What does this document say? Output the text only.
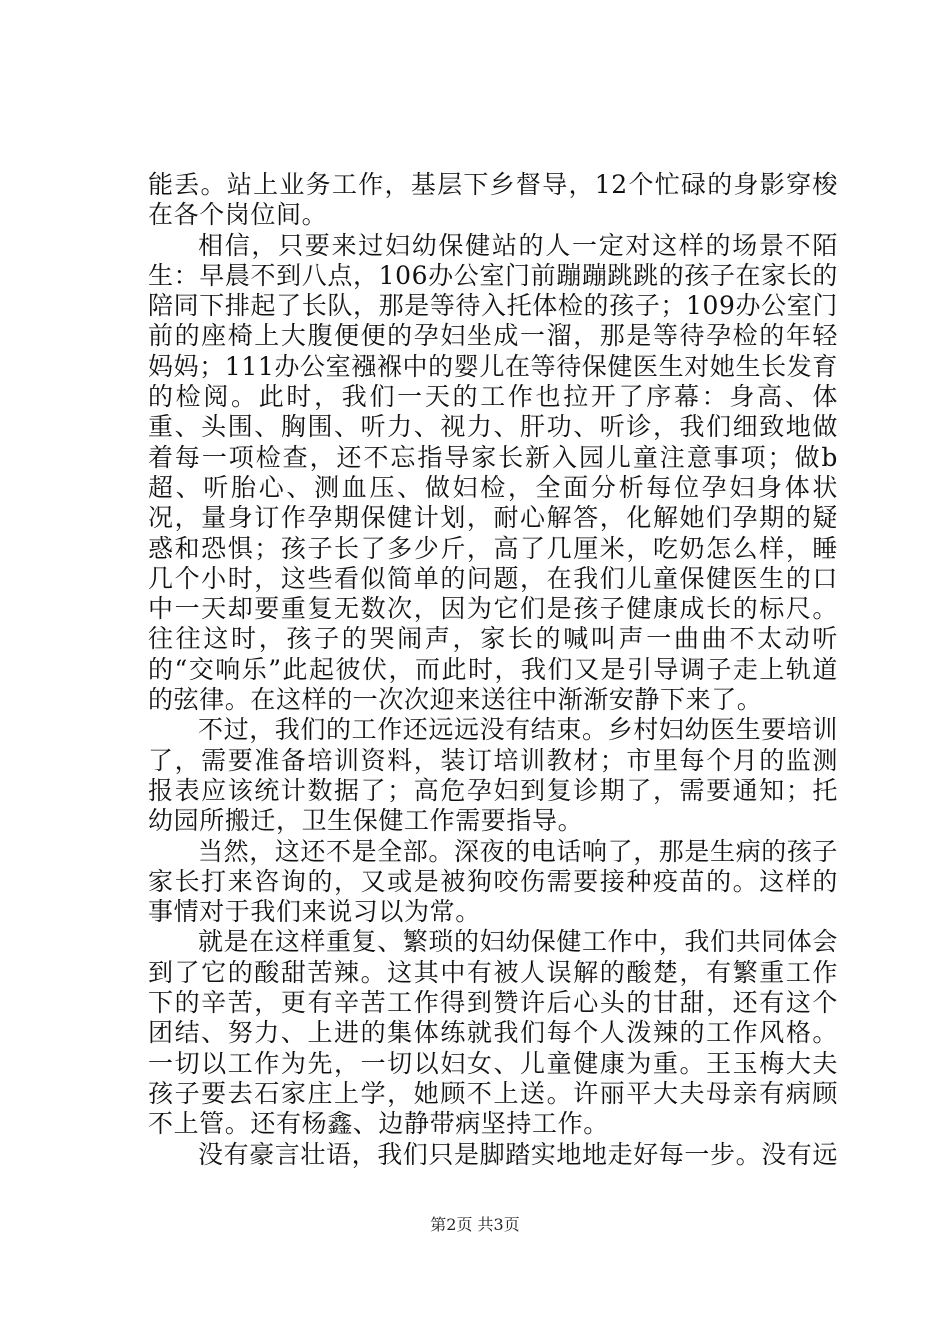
能丢。站上业务工作，基层下乡督导，12个忙碌的身影穿梭在各个岗位间。

相信，只要来过妇幼保健站的人一定对这样的场景不陌生：早晨不到八点，106办公室门前蹦蹦跳跳的孩子在家长的陪同下排起了长队，那是等待入托体检的孩子；109办公室门前的座椅上大腹便便的孕妇坐成一溜，那是等待孕检的年轻妈妈；111办公室襁褓中的婴儿在等待保健医生对她生长发育的检阅。此时，我们一天的工作也拉开了序幕：身高、体重、头围、胸围、听力、视力、肝功、听诊，我们细致地做着每一项检查，还不忘指导家长新入园儿童注意事项；做b超、听胎心、测血压、做妇检，全面分析每位孕妇身体状况，量身订作孕期保健计划，耐心解答，化解她们孕期的疑惑和恐惧；孩子长了多少斤，高了几厘米，吃奶怎么样，睡几个小时，这些看似简单的问题，在我们儿童保健医生的口中一天却要重复无数次，因为它们是孩子健康成长的标尺。往往这时，孩子的哭闹声，家长的喊叫声一曲曲不太动听的“交响乐”此起彼伏，而此时，我们又是引导调子走上轨道的弦律。在这样的一次次迎来送往中渐渐安静下来了。

不过，我们的工作还远远没有结束。乡村妇幼医生要培训了，需要准备培训资料，装订培训教材；市里每个月的监测报表应该统计数据了；高危孕妇到复诊期了，需要通知；托幼园所搬迁，卫生保健工作需要指导。

当然，这还不是全部。深夜的电话响了，那是生病的孩子家长打来咨询的，又或是被狗咬伤需要接种疫苗的。这样的事情对于我们来说习以为常。

就是在这样重复、繁琐的妇幼保健工作中，我们共同体会到了它的酸甜苦辣。这其中有被人误解的酸楚，有繁重工作下的辛苦，更有辛苦工作得到赞许后心头的甘甜，还有这个团结、努力、上进的集体练就我们每个人泼辣的工作风格。一切以工作为先，一切以妇女、儿童健康为重。王玉梅大夫孩子要去石家庄上学，她顾不上送。许丽平大夫母亲有病顾不上管。还有杨鑫、边静带病坚持工作。

没有豪言壮语，我们只是脚踏实地地走好每一步。没有远

第2页 共3页
